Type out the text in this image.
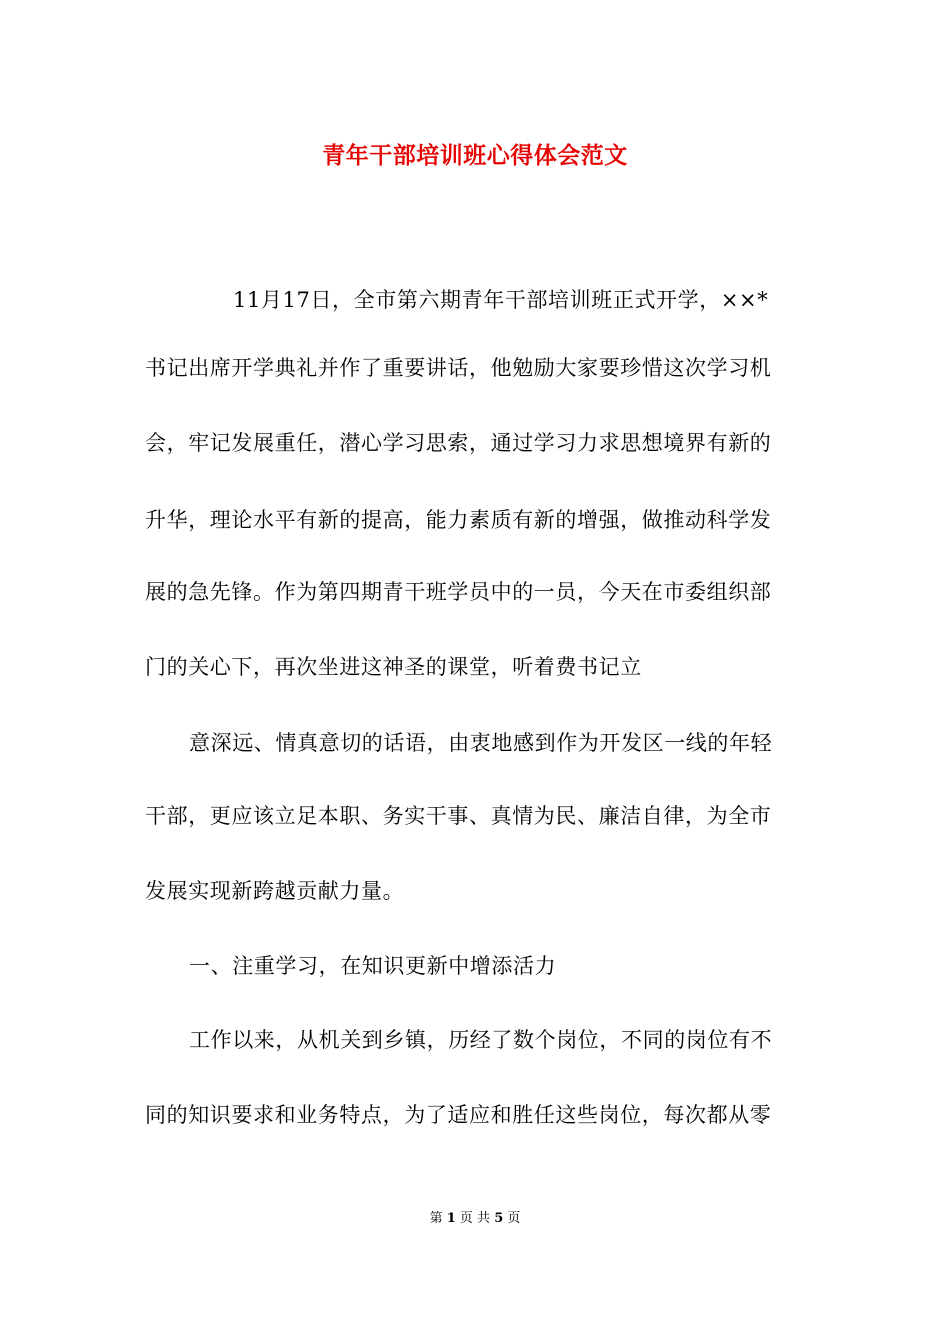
青年干部培训班心得体会范文
11月17日，全市第六期青年干部培训班正式开学，××*
书记出席开学典礼并作了重要讲话，他勉励大家要珍惜这次学习机
会，牢记发展重任，潜心学习思索，通过学习力求思想境界有新的
升华，理论水平有新的提高，能力素质有新的增强，做推动科学发
展的急先锋。作为第四期青干班学员中的一员，今天在市委组织部
门的关心下，再次坐进这神圣的课堂，听着费书记立
意深远、情真意切的话语，由衷地感到作为开发区一线的年轻
干部，更应该立足本职、务实干事、真情为民、廉洁自律，为全市
发展实现新跨越贡献力量。
一、注重学习，在知识更新中增添活力
工作以来，从机关到乡镇，历经了数个岗位，不同的岗位有不
同的知识要求和业务特点，为了适应和胜任这些岗位，每次都从零
第 1 页 共 5 页
